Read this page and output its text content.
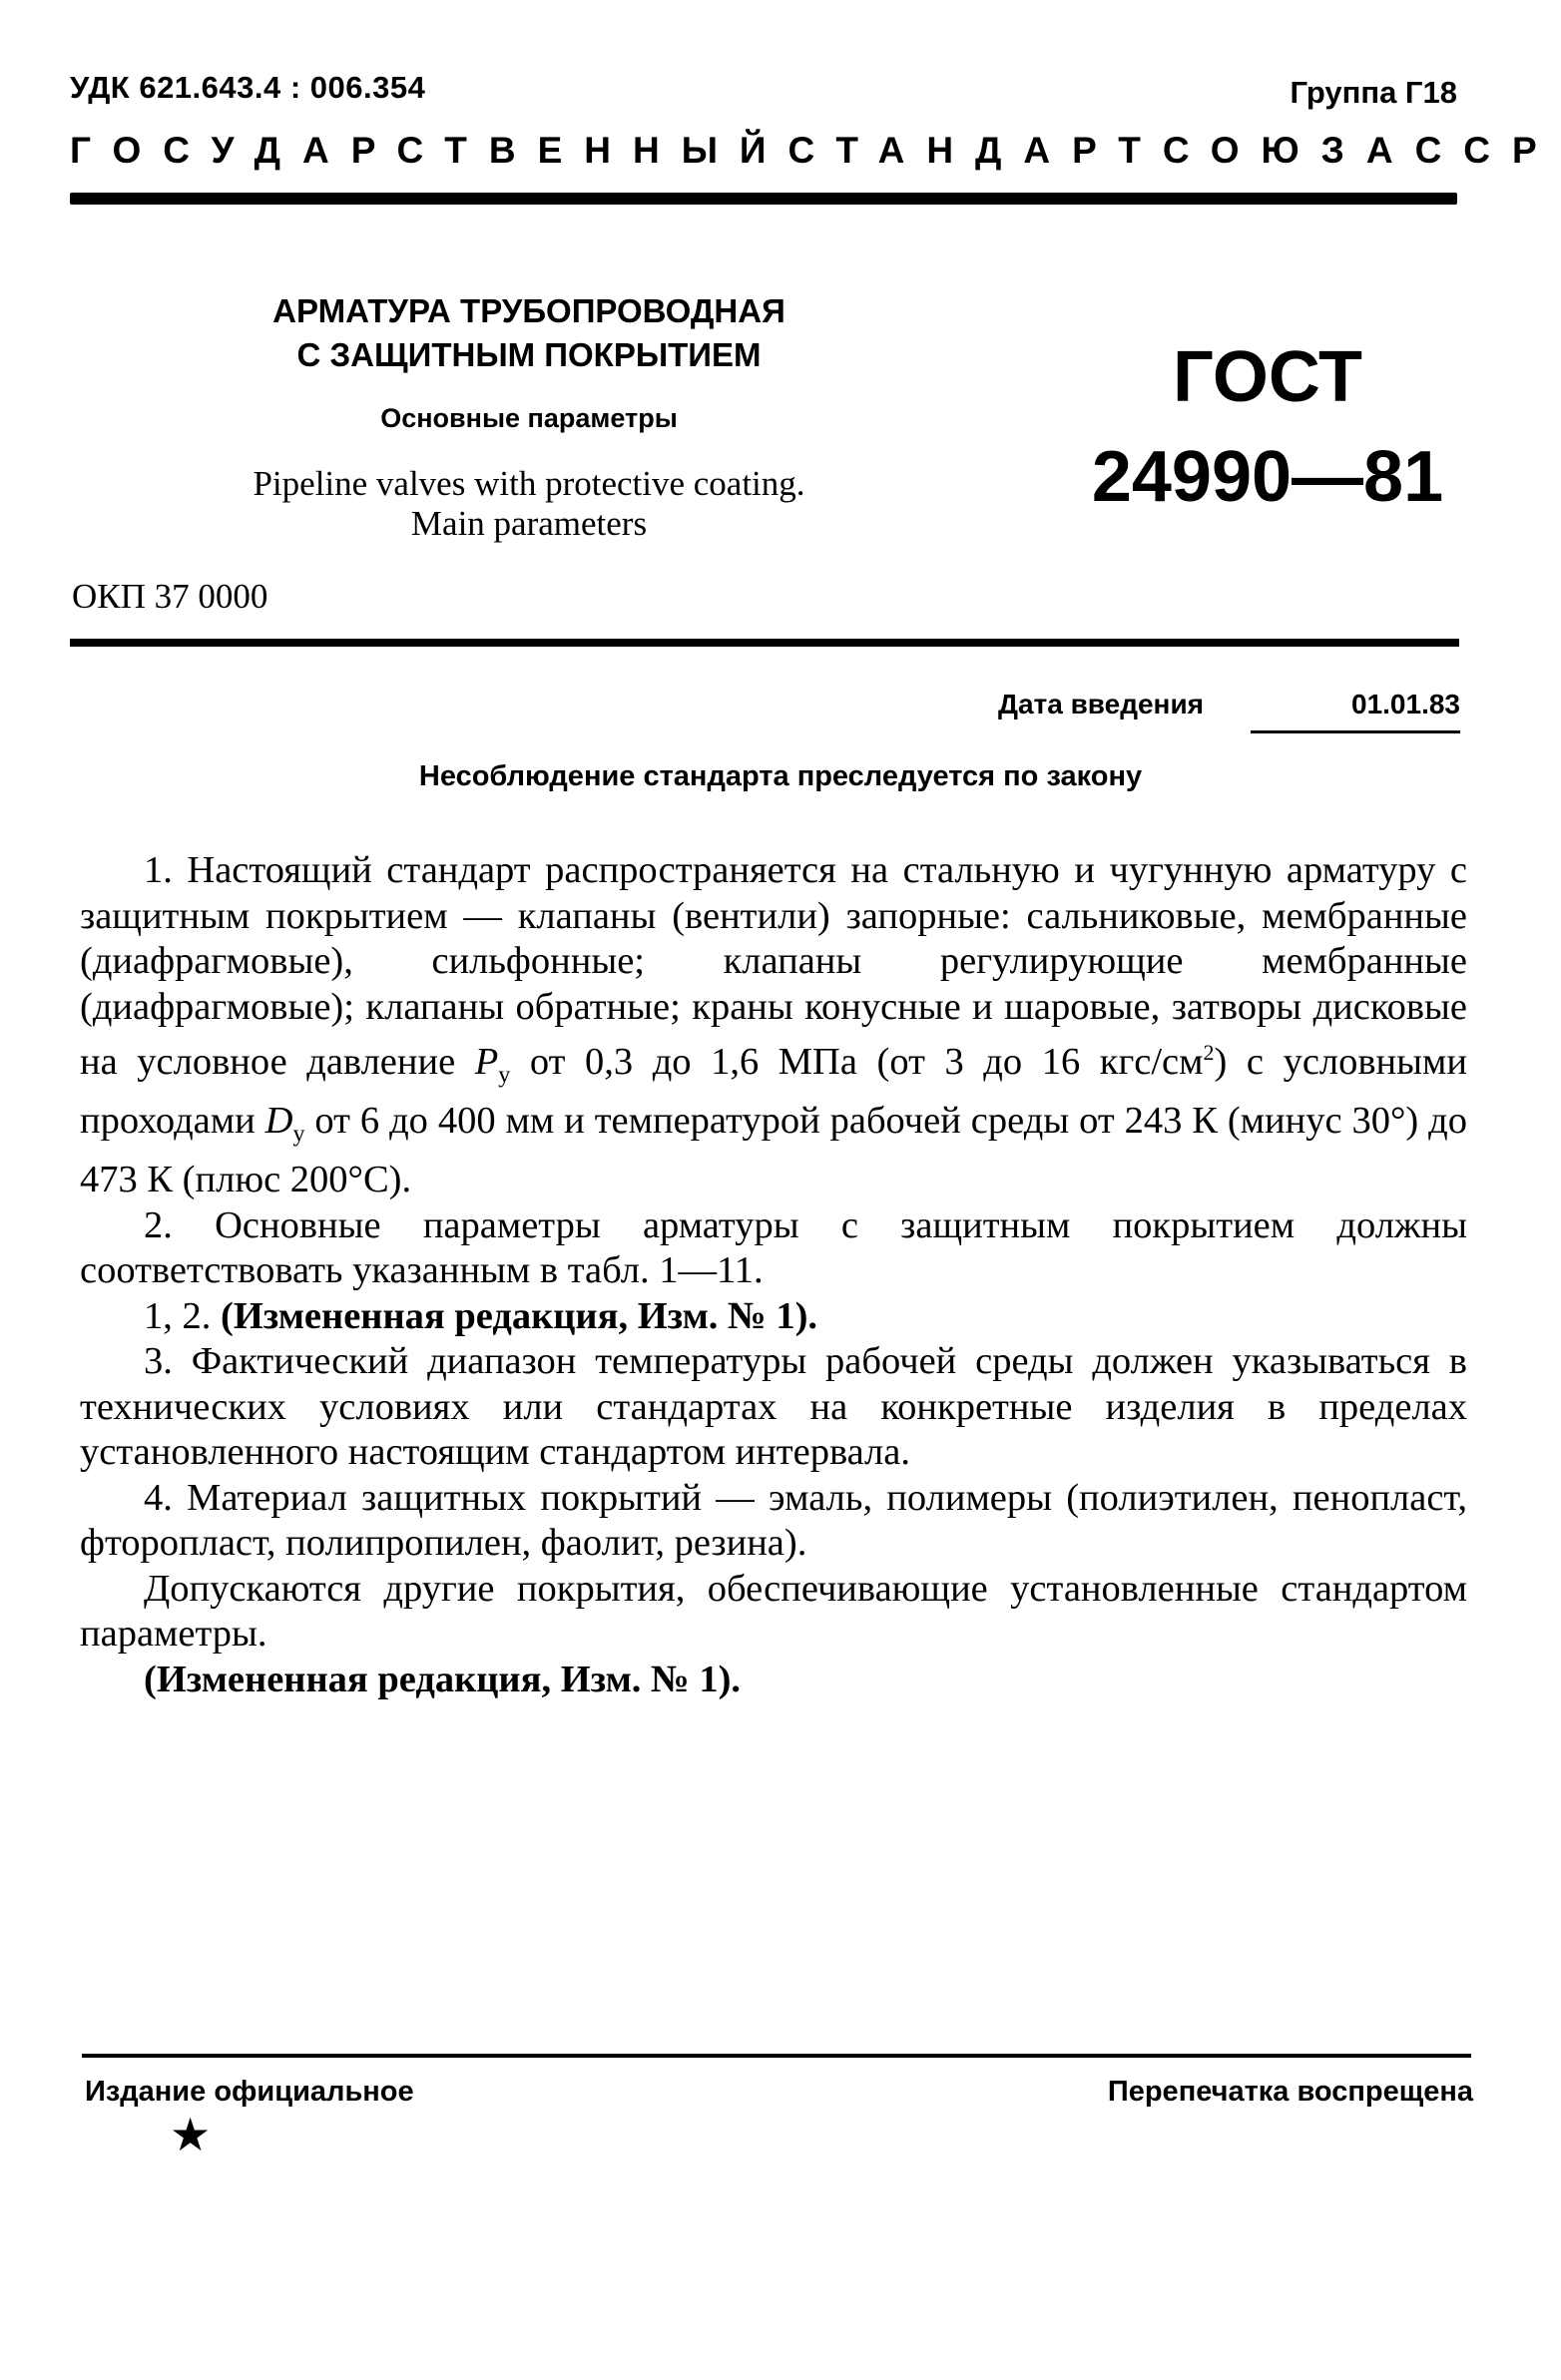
УДК 621.643.4 : 006.354	Группа Г18
ГОСУДАРСТВЕННЫЙ СТАНДАРТ СОЮЗА ССР
АРМАТУРА ТРУБОПРОВОДНАЯ
С ЗАЩИТНЫМ ПОКРЫТИЕМ
Основные параметры
Pipeline valves with protective coating.
Main parameters
ГОСТ
24990—81
ОКП 37 0000
Дата введения	01.01.83
Несоблюдение стандарта преследуется по закону

1. Настоящий стандарт распространяется на стальную и чугунную арматуру с защитным покрытием — клапаны (вентили) запорные: сальниковые, мембранные (диафрагмовые), сильфонные; клапаны регулирующие мембранные (диафрагмовые); клапаны обратные; краны конусные и шаровые, затворы дисковые на условное давление $Р_у$ от 0,3 до 1,6 МПа (от 3 до 16 кгс/$см^2$) с условными проходами $D_у$ от 6 до 400 мм и температурой рабочей среды от 243 К (минус 30°) до 473 К (плюс 200°С).

2. Основные параметры арматуры с защитным покрытием должны соответствовать указанным в табл. 1—11.

1, 2. (Измененная редакция, Изм. № 1).

3. Фактический диапазон температуры рабочей среды должен указываться в технических условиях или стандартах на конкретные изделия в пределах установленного настоящим стандартом интервала.

4. Материал защитных покрытий — эмаль, полимеры (полиэтилен, пенопласт, фторопласт, полипропилен, фаолит, резина).

Допускаются другие покрытия, обеспечивающие установленные стандартом параметры.

(Измененная редакция, Изм. № 1).

Издание официальное	Перепечатка воспрещена
★
